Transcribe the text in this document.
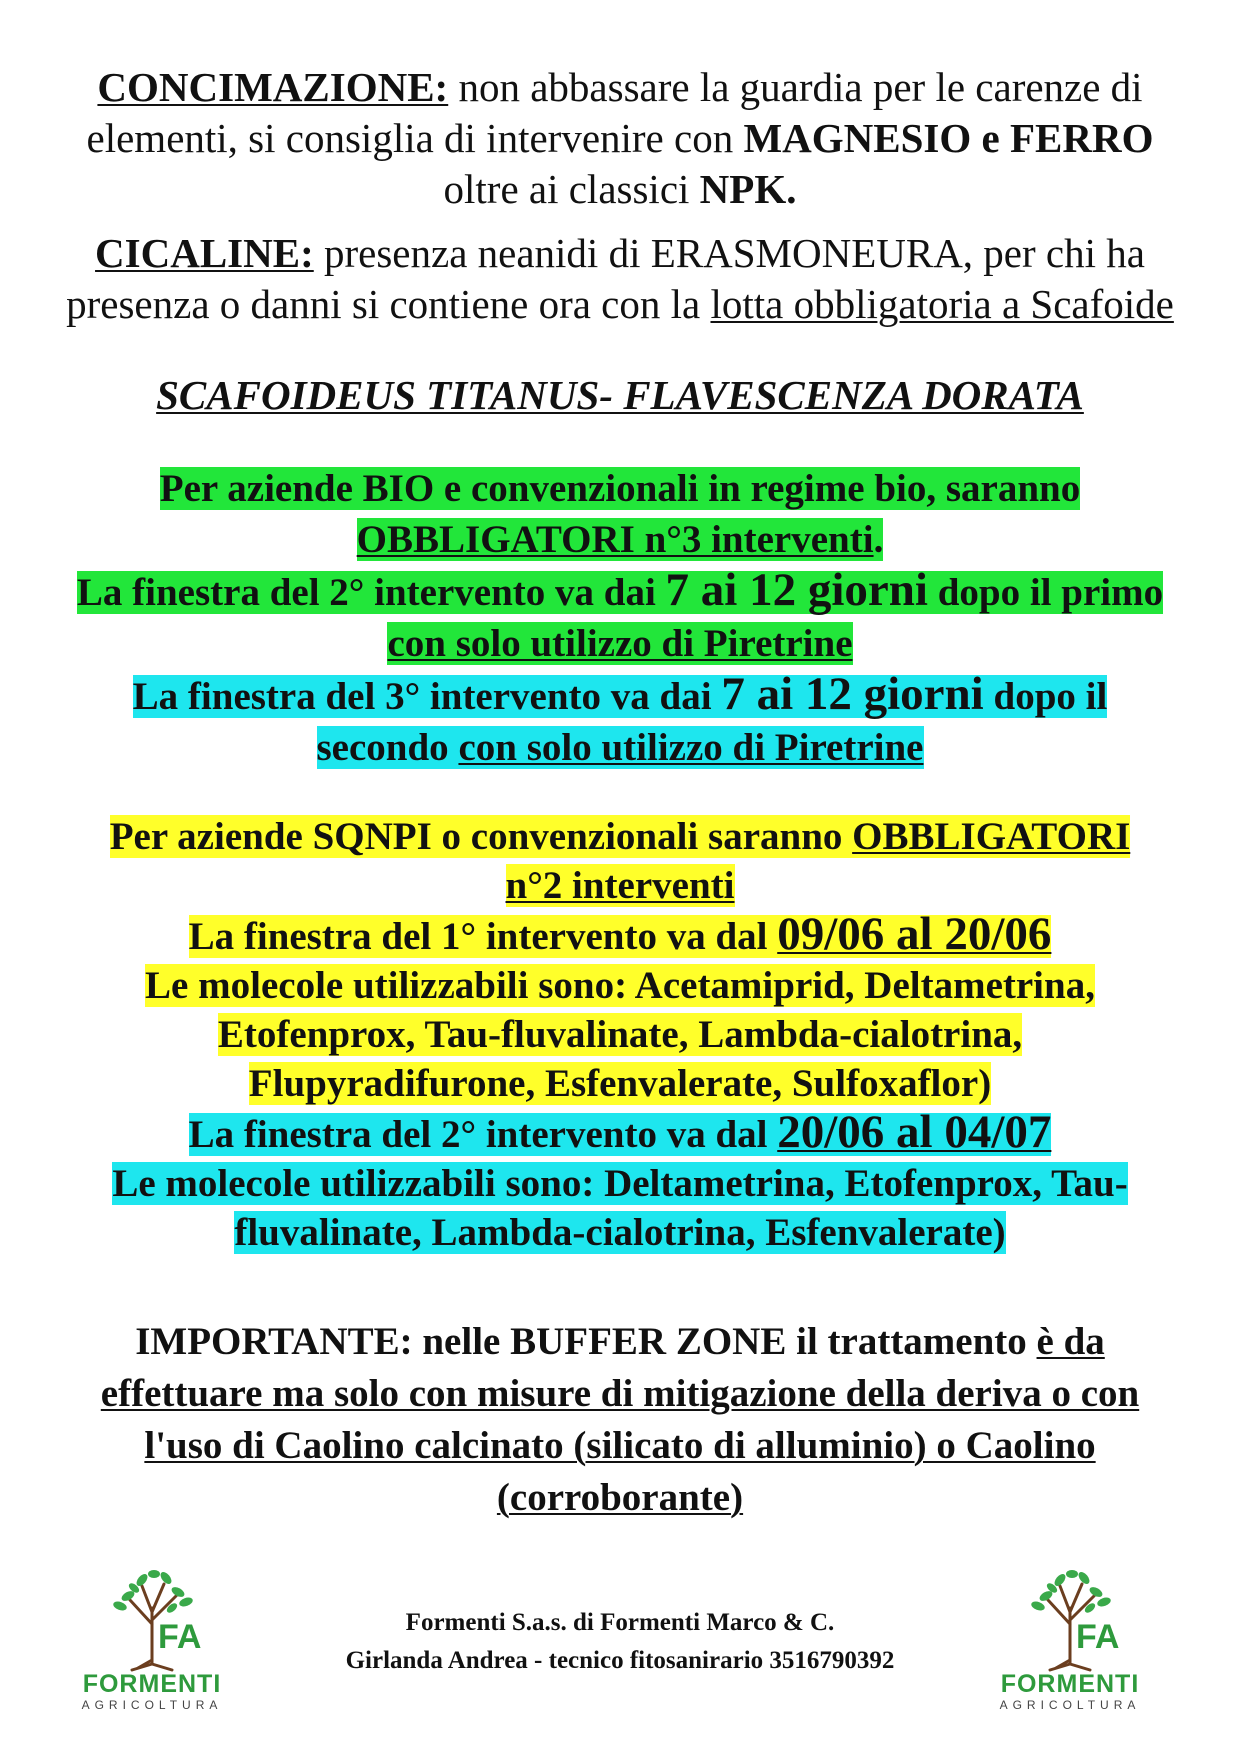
CONCIMAZIONE: non abbassare la guardia per le carenze di
elementi, si consiglia di intervenire con MAGNESIO e FERRO
oltre ai classici NPK.
CICALINE: presenza neanidi di ERASMONEURA, per chi ha
presenza o danni si contiene ora con la lotta obbligatoria a Scafoide
SCAFOIDEUS TITANUS- FLAVESCENZA DORATA
Per aziende BIO e convenzionali in regime bio, saranno
OBBLIGATORI n°3 interventi.
La finestra del 2° intervento va dai 7 ai 12 giorni dopo il primo
con solo utilizzo di Piretrine
La finestra del 3° intervento va dai 7 ai 12 giorni dopo il
secondo con solo utilizzo di Piretrine
Per aziende SQNPI o convenzionali saranno OBBLIGATORI
n°2 interventi
La finestra del 1° intervento va dal 09/06 al 20/06
Le molecole utilizzabili sono: Acetamiprid, Deltametrina,
Etofenprox, Tau-fluvalinate, Lambda-cialotrina,
Flupyradifurone, Esfenvalerate, Sulfoxaflor)
La finestra del 2° intervento va dal 20/06 al 04/07
Le molecole utilizzabili sono: Deltametrina, Etofenprox, Tau-
fluvalinate, Lambda-cialotrina, Esfenvalerate)
IMPORTANTE: nelle BUFFER ZONE il trattamento è da
effettuare ma solo con misure di mitigazione della deriva o con
l'uso di Caolino calcinato (silicato di alluminio) o Caolino
(corroborante)
FA
FORMENTI
AGRICOLTURA
Formenti S.a.s. di Formenti Marco & C.
Girlanda Andrea - tecnico fitosanirario 3516790392
FA
FORMENTI
AGRICOLTURA
